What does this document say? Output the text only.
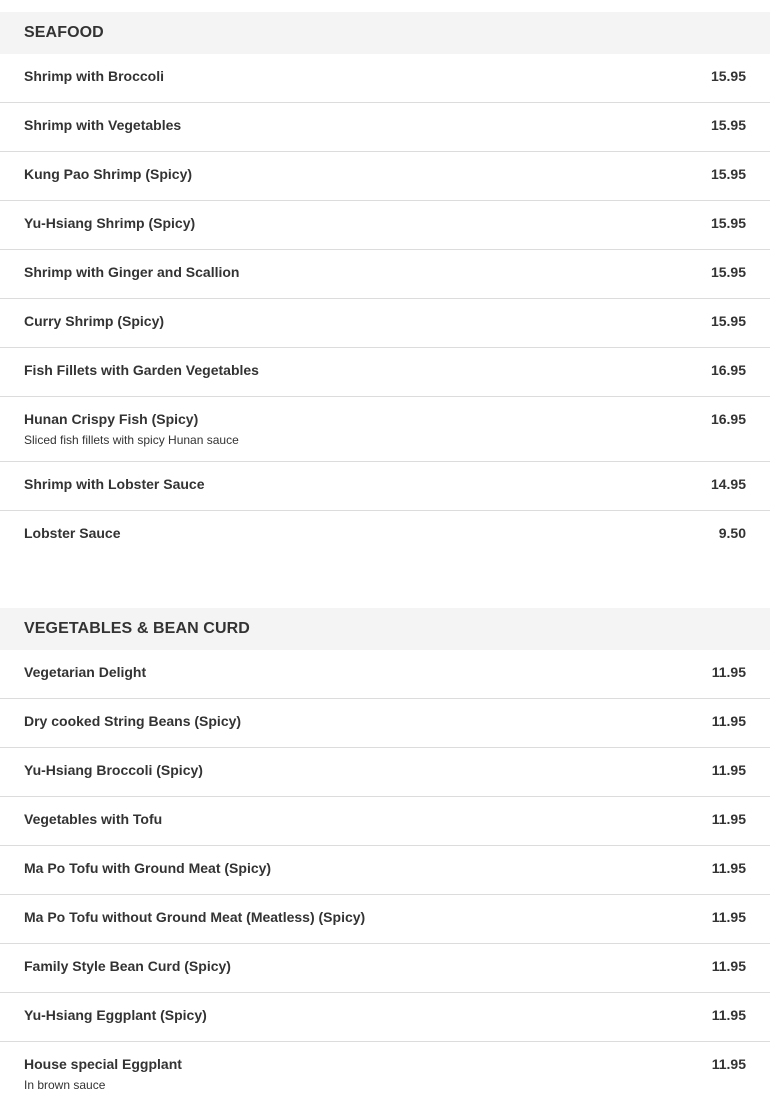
SEAFOOD
Shrimp with Broccoli	15.95
Shrimp with Vegetables	15.95
Kung Pao Shrimp (Spicy)	15.95
Yu-Hsiang Shrimp (Spicy)	15.95
Shrimp with Ginger and Scallion	15.95
Curry Shrimp (Spicy)	15.95
Fish Fillets with Garden Vegetables	16.95
Hunan Crispy Fish (Spicy)	16.95
Sliced fish fillets with spicy Hunan sauce
Shrimp with Lobster Sauce	14.95
Lobster Sauce	9.50
VEGETABLES & BEAN CURD
Vegetarian Delight	11.95
Dry cooked String Beans (Spicy)	11.95
Yu-Hsiang Broccoli (Spicy)	11.95
Vegetables with Tofu	11.95
Ma Po Tofu with Ground Meat (Spicy)	11.95
Ma Po Tofu without Ground Meat (Meatless) (Spicy)	11.95
Family Style Bean Curd (Spicy)	11.95
Yu-Hsiang Eggplant (Spicy)	11.95
House special Eggplant	11.95
In brown sauce
